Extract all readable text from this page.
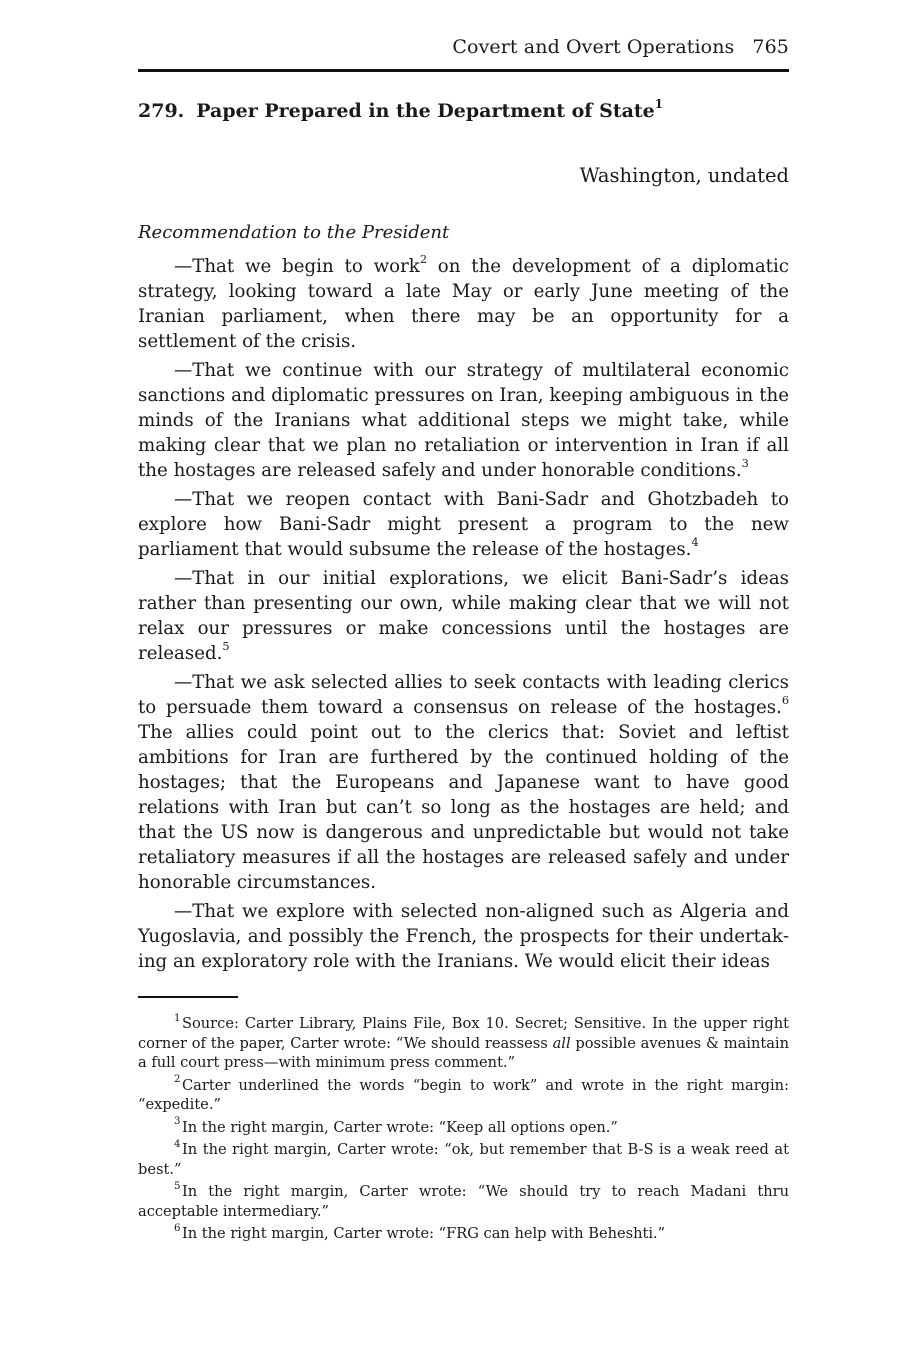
Covert and Overt Operations 765
279. Paper Prepared in the Department of State$^1$
Washington, undated
Recommendation to the President

—That we begin to work$^2$ on the development of a diplomatic strategy, looking toward a late May or early June meeting of the Iranian parliament, when there may be an opportunity for a settlement of the crisis.

—That we continue with our strategy of multilateral economic sanctions and diplomatic pressures on Iran, keeping ambiguous in the minds of the Iranians what additional steps we might take, while making clear that we plan no retaliation or intervention in Iran if all the hostages are released safely and under honorable conditions.$^3$

—That we reopen contact with Bani-Sadr and Ghotzbadeh to explore how Bani-Sadr might present a program to the new parliament that would subsume the release of the hostages.$^4$

—That in our initial explorations, we elicit Bani-Sadr’s ideas rather than presenting our own, while making clear that we will not relax our pressures or make concessions until the hostages are released.$^5$

—That we ask selected allies to seek contacts with leading clerics to persuade them toward a consensus on release of the hostages.$^6$ The allies could point out to the clerics that: Soviet and leftist ambitions for Iran are furthered by the continued holding of the hostages; that the Europeans and Japanese want to have good relations with Iran but can’t so long as the hostages are held; and that the US now is dangerous and unpredictable but would not take retaliatory measures if all the hostages are released safely and under honorable circumstances.

—That we explore with selected non-aligned such as Algeria and Yugoslavia, and possibly the French, the prospects for their undertaking an exploratory role with the Iranians. We would elicit their ideas

$^1$ Source: Carter Library, Plains File, Box 10. Secret; Sensitive. In the upper right corner of the paper, Carter wrote: “We should reassess all possible avenues & maintain a full court press—with minimum press comment.”

$^2$ Carter underlined the words “begin to work” and wrote in the right margin: “expedite.”

$^3$ In the right margin, Carter wrote: “Keep all options open.”

$^4$ In the right margin, Carter wrote: “ok, but remember that B-S is a weak reed at best.”

$^5$ In the right margin, Carter wrote: “We should try to reach Madani thru acceptable intermediary.”

$^6$ In the right margin, Carter wrote: “FRG can help with Beheshti.”
